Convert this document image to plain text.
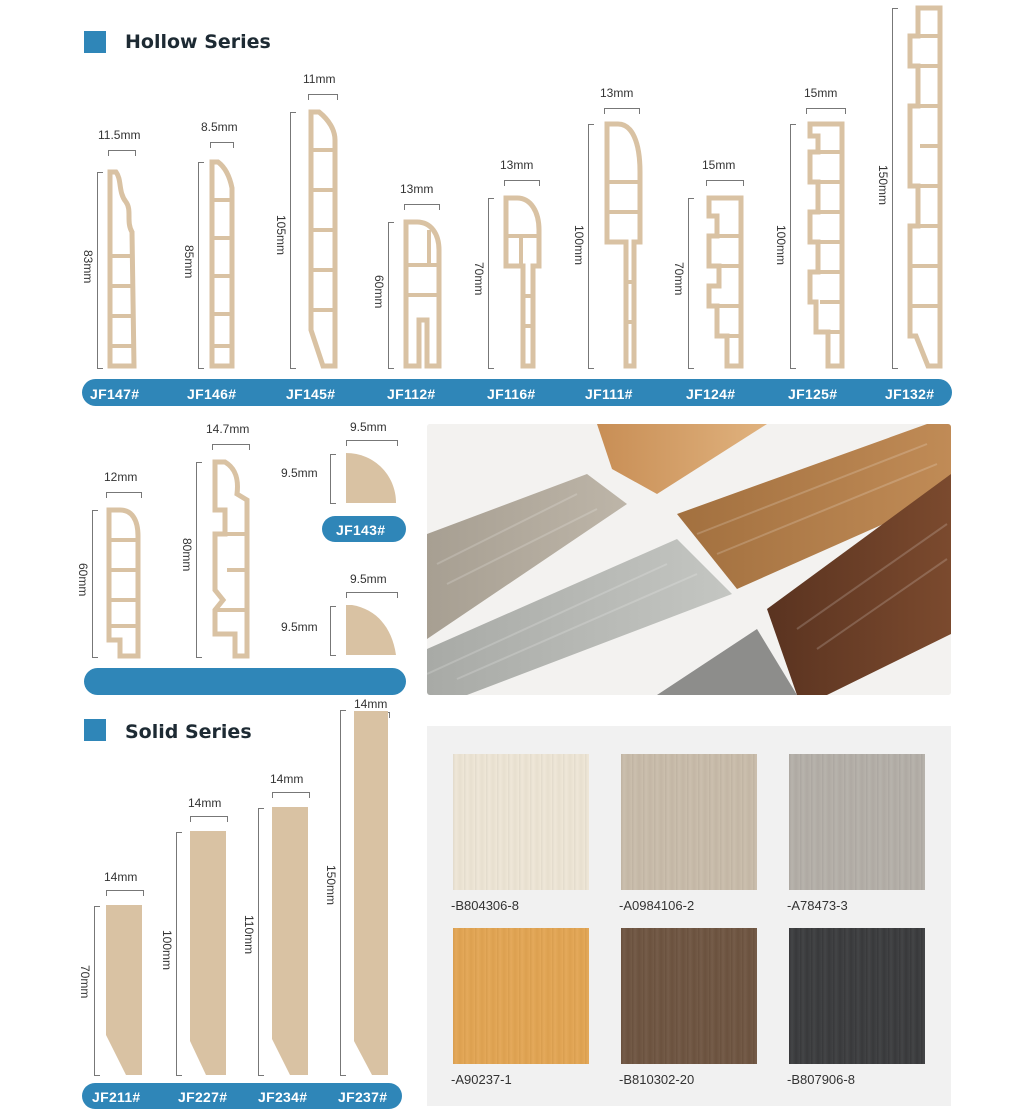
Hollow Series
11.5mm
83mm
8.5mm
85mm
11mm
105mm
13mm
60mm
13mm
70mm
13mm
100mm
15mm
70mm
15mm
100mm
150mm
JF147#	JF146#	JF145#	JF112#	JF116#	JF111#	JF124#	JF125#	JF132#
12mm
60mm
14.7mm
80mm
9.5mm
9.5mm
JF143#
9.5mm
9.5mm
Solid Series
14mm
70mm
14mm
100mm
14mm
110mm
14mm
150mm
JF211#	JF227# JF234# JF237#
-B804306-8	-A0984106-2	-A78473-3
-A90237-1	-B810302-20	-B807906-8
